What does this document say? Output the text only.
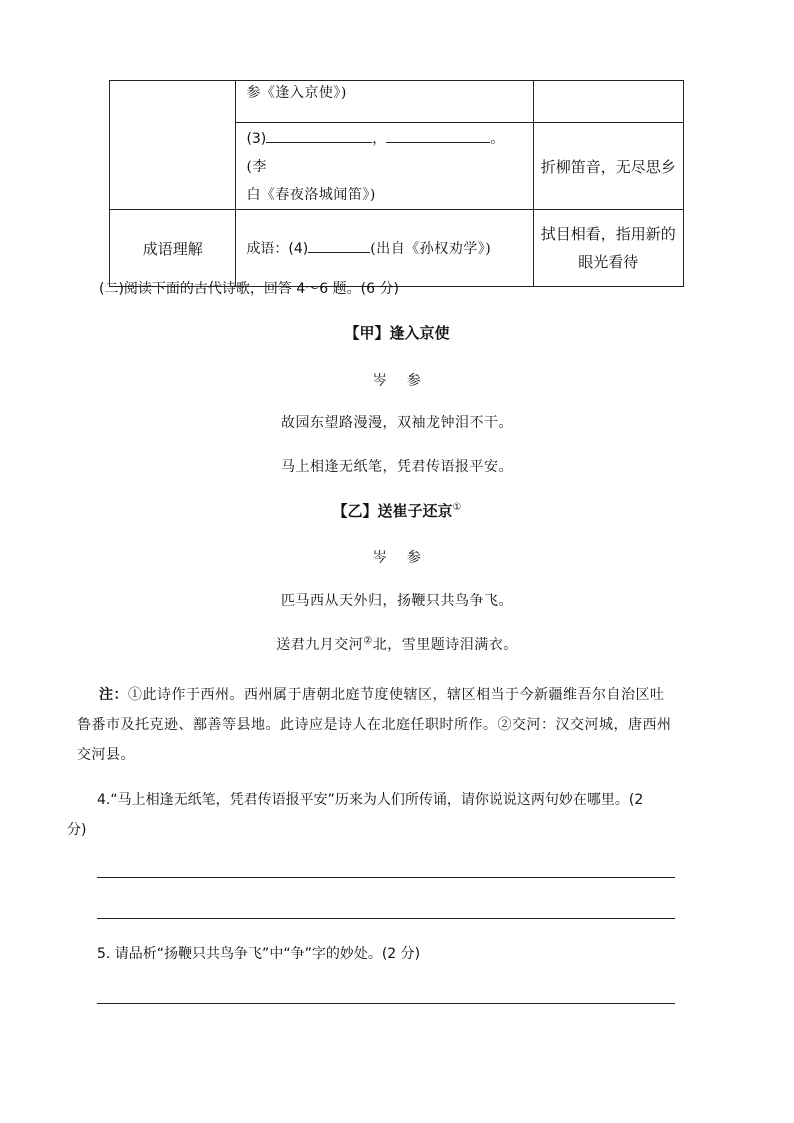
	参《逢入京使》)	

	(3) ， 。(李
白《春夜洛城闻笛》)	折柳笛音，无尽思乡
成语理解	成语：(4) (出自《孙权劝学》)	拭目相看，指用新的
眼光看待
(二)阅读下面的古代诗歌，回答 4～6 题。(6 分)
【甲】逢入京使
岑    参
故园东望路漫漫，双袖龙钟泪不干。
马上相逢无纸笔，凭君传语报平安。
【乙】送崔子还京①
岑    参
匹马西从天外归，扬鞭只共鸟争飞。
送君九月交河②北，雪里题诗泪满衣。
注：①此诗作于西州。西州属于唐朝北庭节度使辖区，辖区相当于今新疆维吾尔自治区吐
鲁番市及托克逊、鄯善等县地。此诗应是诗人在北庭任职时所作。②交河：汉交河城，唐西州
交河县。
4.“马上相逢无纸笔，凭君传语报平安”历来为人们所传诵，请你说说这两句妙在哪里。(2
分)
5. 请品析“扬鞭只共鸟争飞”中“争”字的妙处。(2 分)
